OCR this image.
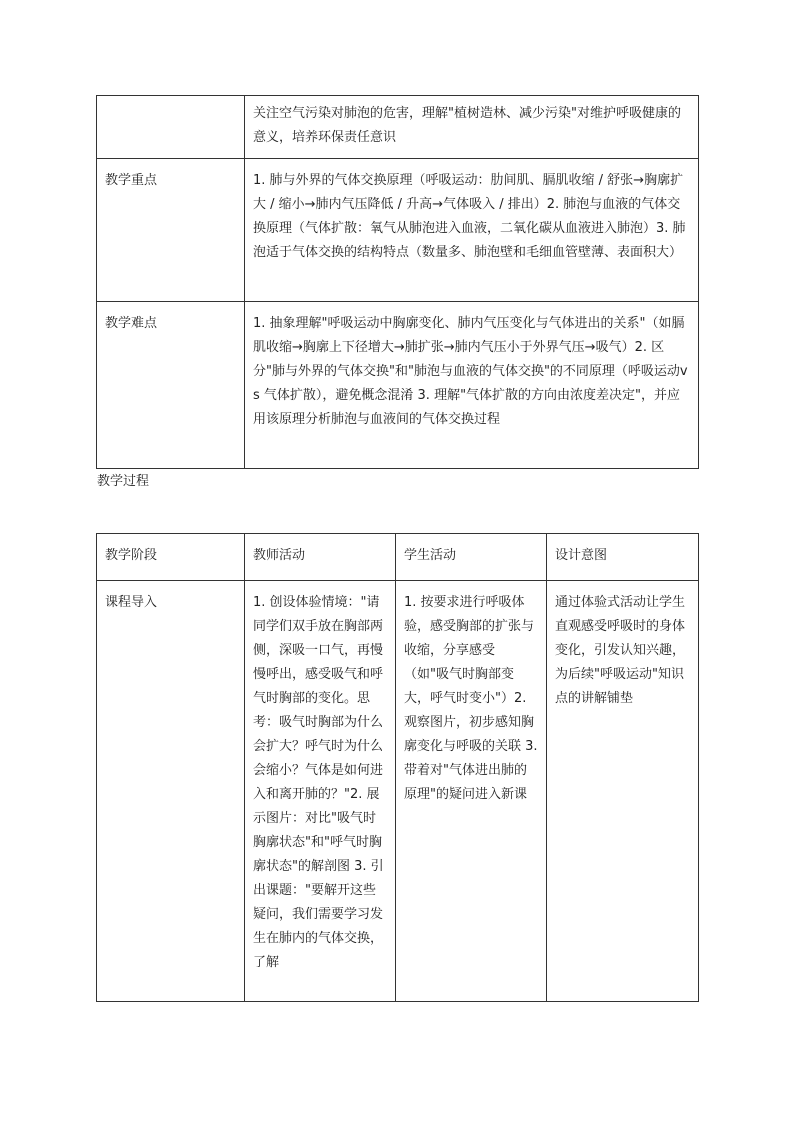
	关注空气污染对肺泡的危害，理解"植树造林、减少污染"对维护呼吸健康的意义，培养环保责任意识

教学重点	1. 肺与外界的气体交换原理（呼吸运动：肋间肌、膈肌收缩 / 舒张→胸廓扩大 / 缩小→肺内气压降低 / 升高→气体吸入 / 排出）2. 肺泡与血液的气体交换原理（气体扩散：氧气从肺泡进入血液，二氧化碳从血液进入肺泡）3. 肺泡适于气体交换的结构特点（数量多、肺泡壁和毛细血管壁薄、表面积大）

教学难点	1. 抽象理解"呼吸运动中胸廓变化、肺内气压变化与气体进出的关系"（如膈肌收缩→胸廓上下径增大→肺扩张→肺内气压小于外界气压→吸气）2. 区分"肺与外界的气体交换"和"肺泡与血液的气体交换"的不同原理（呼吸运动vs 气体扩散），避免概念混淆 3. 理解"气体扩散的方向由浓度差决定"，并应用该原理分析肺泡与血液间的气体交换过程
教学过程
教学阶段	教师活动	学生活动	设计意图

课程导入	1. 创设体验情境："请同学们双手放在胸部两侧，深吸一口气，再慢慢呼出，感受吸气和呼气时胸部的变化。思考：吸气时胸部为什么会扩大？呼气时为什么会缩小？气体是如何进入和离开肺的？"2. 展示图片：对比"吸气时胸廓状态"和"呼气时胸廓状态"的解剖图 3. 引出课题："要解开这些疑问，我们需要学习发生在肺内的气体交换，了解	1. 按要求进行呼吸体验，感受胸部的扩张与收缩，分享感受（如"吸气时胸部变大，呼气时变小"）2. 观察图片，初步感知胸廓变化与呼吸的关联 3. 带着对"气体进出肺的原理"的疑问进入新课	通过体验式活动让学生直观感受呼吸时的身体变化，引发认知兴趣，为后续"呼吸运动"知识点的讲解铺垫
